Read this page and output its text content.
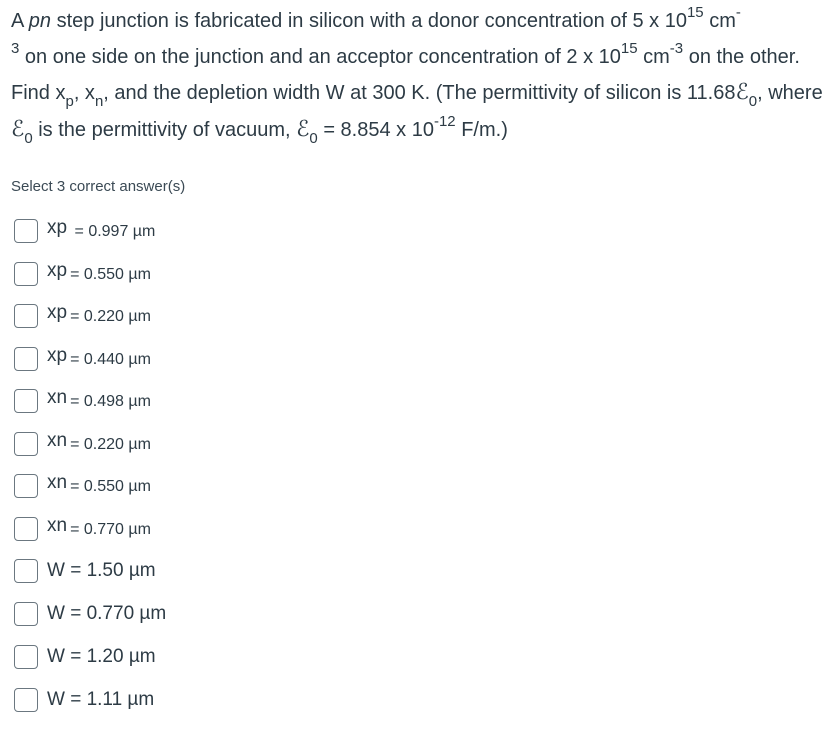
A pn step junction is fabricated in silicon with a donor concentration of 5 x $10^{15}$ cm-
$^3$ on one side on the junction and an acceptor concentration of 2 x $10^{15}$ $cm^{-3}$ on the other. Find $x_p$, $x_n$, and the depletion width W at 300 K. (The permittivity of silicon is 11.68ℰ$_0$, where ℰ$_0$ is the permittivity of vacuum, ℰ$_0$ = 8.854 x $10^{-12}$ F/m.)
Select 3 correct answer(s)
xp = 0.997 µm
xp = 0.550 µm
xp = 0.220 µm
xp = 0.440 µm
xn = 0.498 µm
xn = 0.220 µm
xn = 0.550 µm
xn = 0.770 µm
W = 1.50 µm
W = 0.770 µm
W = 1.20 µm
W = 1.11 µm
